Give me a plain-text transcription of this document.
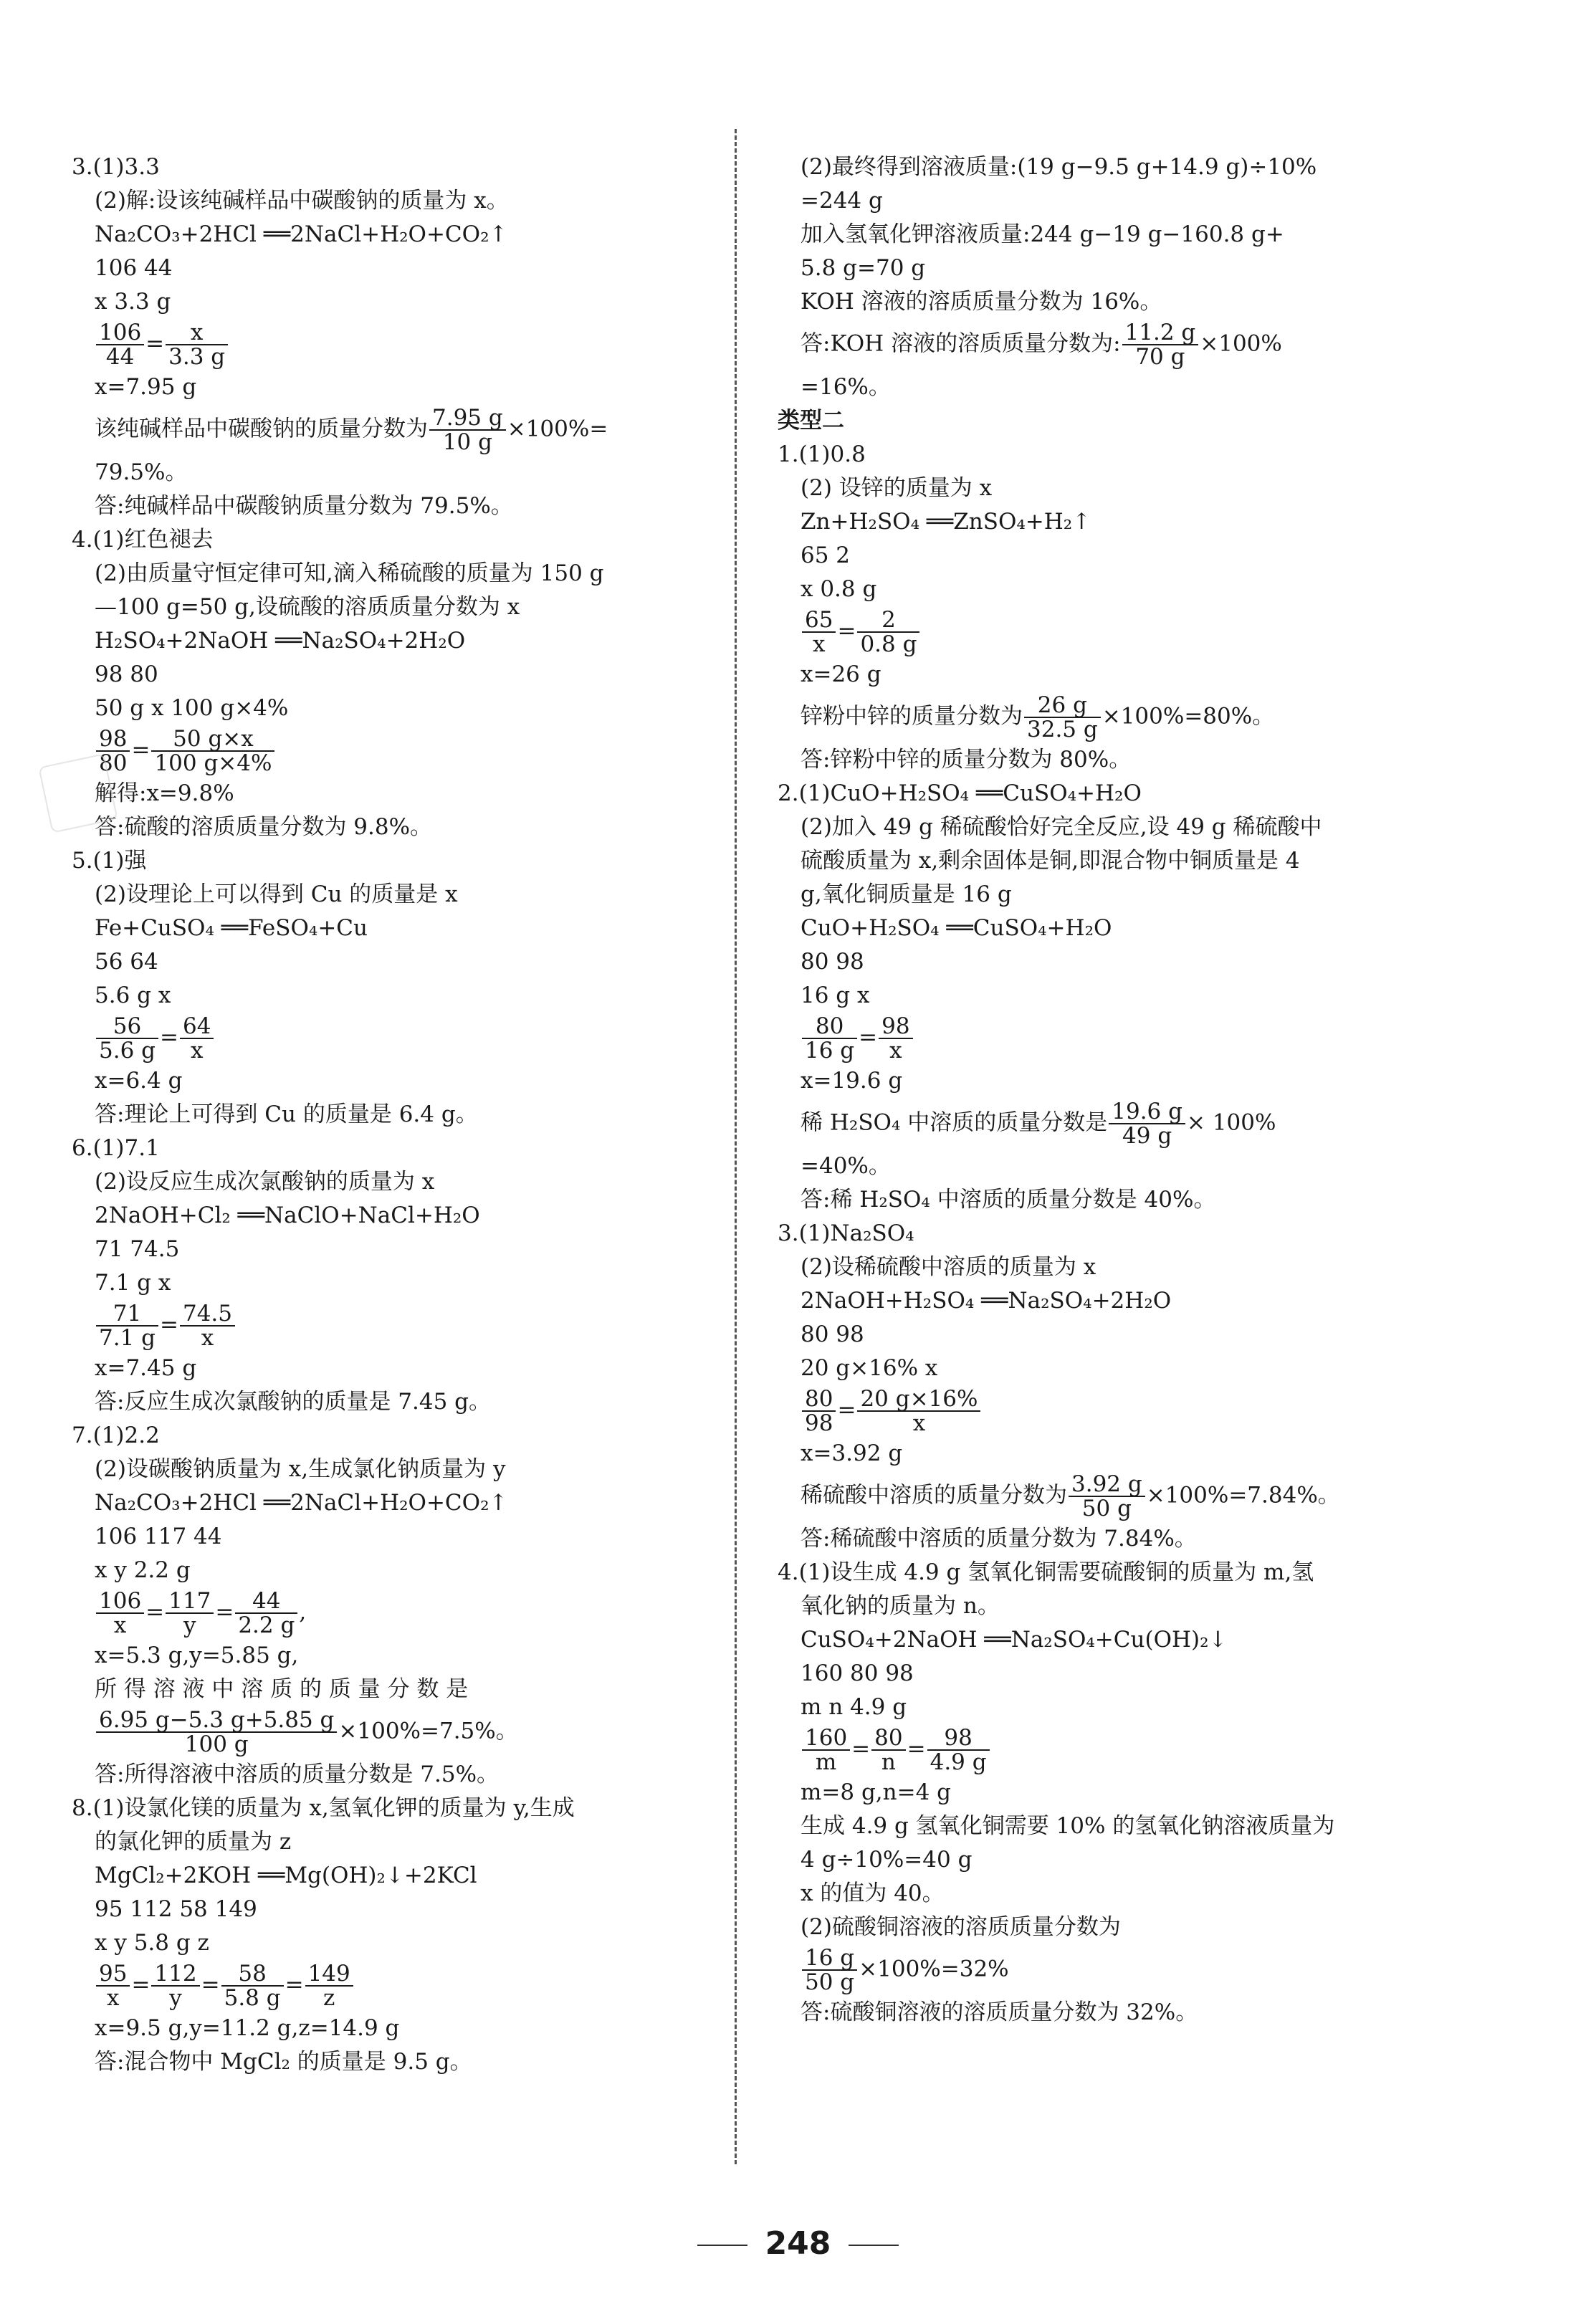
3.(1)3.3
(2)解:设该纯碱样品中碳酸钠的质量为 x。
Na₂CO₃+2HCl ══2NaCl+H₂O+CO₂↑
106 44
x 3.3 g
$\frac{106}{44} = \frac{x}{3.3 g}$
x=7.95 g
该纯碱样品中碳酸钠的质量分数为 $\frac{7.95 g}{10 g} \times 100\%=$
79.5%。
答:纯碱样品中碳酸钠质量分数为 79.5%。
4.(1)红色褪去
(2)由质量守恒定律可知,滴入稀硫酸的质量为 150 g
—100 g=50 g,设硫酸的溶质质量分数为 x
H₂SO₄+2NaOH ══Na₂SO₄+2H₂O
98 80
50 g x 100 g×4%
$\frac{98}{80} = \frac{50 g\times x}{100 g\times 4\%}$
解得:x=9.8%
答:硫酸的溶质质量分数为 9.8%。
5.(1)强
(2)设理论上可以得到 Cu 的质量是 x
Fe+CuSO₄ ══FeSO₄+Cu
56 64
5.6 g x
$\frac{56}{5.6 g} = \frac{64}{x}$
x=6.4 g
答:理论上可得到 Cu 的质量是 6.4 g。
6.(1)7.1
(2)设反应生成次氯酸钠的质量为 x
2NaOH+Cl₂ ══NaClO+NaCl+H₂O
71 74.5
7.1 g x
$\frac{71}{7.1 g} = \frac{74.5}{x}$
x=7.45 g
答:反应生成次氯酸钠的质量是 7.45 g。
7.(1)2.2
(2)设碳酸钠质量为 x,生成氯化钠质量为 y
Na₂CO₃+2HCl ══2NaCl+H₂O+CO₂↑
106 117 44
x y 2.2 g
$\frac{106}{x} = \frac{117}{y} = \frac{44}{2.2 g}$ ,
x=5.3 g,y=5.85 g,
所 得 溶 液 中 溶 质 的 质 量 分 数 是
$\frac{6.95 g-5.3 g+5.85 g}{100 g} \times 100\%=7.5\%$。
答:所得溶液中溶质的质量分数是 7.5%。
8.(1)设氯化镁的质量为 x,氢氧化钾的质量为 y,生成
的氯化钾的质量为 z
MgCl₂+2KOH ══Mg(OH)₂↓+2KCl
95 112 58 149
x y 5.8 g z
$\frac{95}{x} = \frac{112}{y} = \frac{58}{5.8 g} = \frac{149}{z}$
x=9.5 g,y=11.2 g,z=14.9 g
答:混合物中 MgCl₂ 的质量是 9.5 g。
(2)最终得到溶液质量:(19 g−9.5 g+14.9 g)÷10%
=244 g
加入氢氧化钾溶液质量:244 g−19 g−160.8 g+
5.8 g=70 g
KOH 溶液的溶质质量分数为 16%。
答:KOH 溶液的溶质质量分数为: $\frac{11.2 g}{70 g} \times 100\%$
=16%。
类型二
1.(1)0.8
(2) 设锌的质量为 x
Zn+H₂SO₄ ══ZnSO₄+H₂↑
65 2
x 0.8 g
$\frac{65}{x} = \frac{2}{0.8 g}$
x=26 g
锌粉中锌的质量分数为 $\frac{26 g}{32.5 g} \times 100\%=80\%$。
答:锌粉中锌的质量分数为 80%。
2.(1)CuO+H₂SO₄ ══CuSO₄+H₂O
(2)加入 49 g 稀硫酸恰好完全反应,设 49 g 稀硫酸中
硫酸质量为 x,剩余固体是铜,即混合物中铜质量是 4
g,氧化铜质量是 16 g
CuO+H₂SO₄ ══CuSO₄+H₂O
80 98
16 g x
$\frac{80}{16 g} = \frac{98}{x}$
x=19.6 g
稀 H₂SO₄ 中溶质的质量分数是 $\frac{19.6 g}{49 g} \times 100\%$
=40%。
答:稀 H₂SO₄ 中溶质的质量分数是 40%。
3.(1)Na₂SO₄
(2)设稀硫酸中溶质的质量为 x
2NaOH+H₂SO₄ ══Na₂SO₄+2H₂O
80 98
20 g×16% x
$\frac{80}{98} = \frac{20 g\times 16\%}{x}$
x=3.92 g
稀硫酸中溶质的质量分数为 $\frac{3.92 g}{50 g} \times 100\%=7.84\%$。
答:稀硫酸中溶质的质量分数为 7.84%。
4.(1)设生成 4.9 g 氢氧化铜需要硫酸铜的质量为 m,氢
氧化钠的质量为 n。
CuSO₄+2NaOH ══Na₂SO₄+Cu(OH)₂↓
160 80 98
m n 4.9 g
$\frac{160}{m} = \frac{80}{n} = \frac{98}{4.9 g}$
m=8 g,n=4 g
生成 4.9 g 氢氧化铜需要 10% 的氢氧化钠溶液质量为
4 g÷10%=40 g
x 的值为 40。
(2)硫酸铜溶液的溶质质量分数为
$\frac{16 g}{50 g} \times 100\%=32\%$
答:硫酸铜溶液的溶质质量分数为 32%。
248
